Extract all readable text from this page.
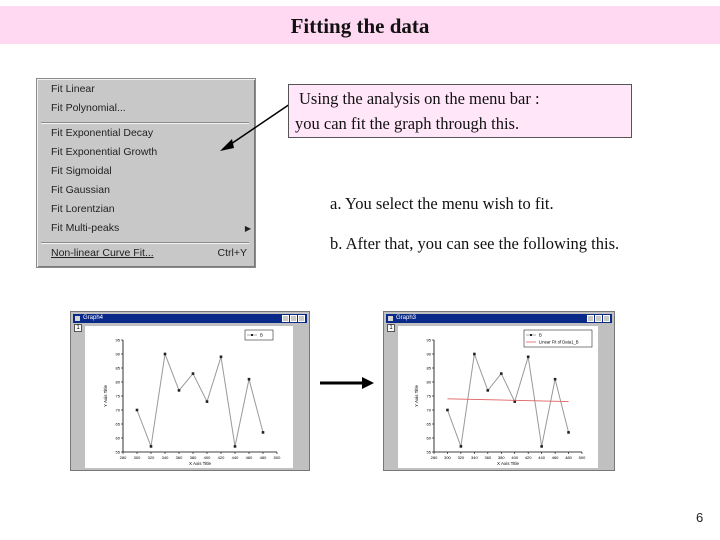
Fitting the data
Fit Linear
Fit Polynomial...
Fit Exponential Decay
Fit Exponential Growth
Fit Sigmoidal
Fit Gaussian
Fit Lorentzian
Fit Multi-peaks	▶
Non-linear Curve Fit...	Ctrl+Y
Using the analysis on the menu bar :
you can fit the graph through this.
a. You select the menu wish to fit.
b. After that, you can see the following this.
Graph4
1
280 300 320 340 360 380 400 420 440 460 480 500
55
60
65
70
75
80
85
90
95
X Axis Title
Y Axis Title
B
Graph3
1
280 300 320 340 360 380 400 420 440 460 480 500
55
60
65
70
75
80
85
90
95
X Axis Title
Y Axis Title
B
Linear Fit of Data1_B
6
